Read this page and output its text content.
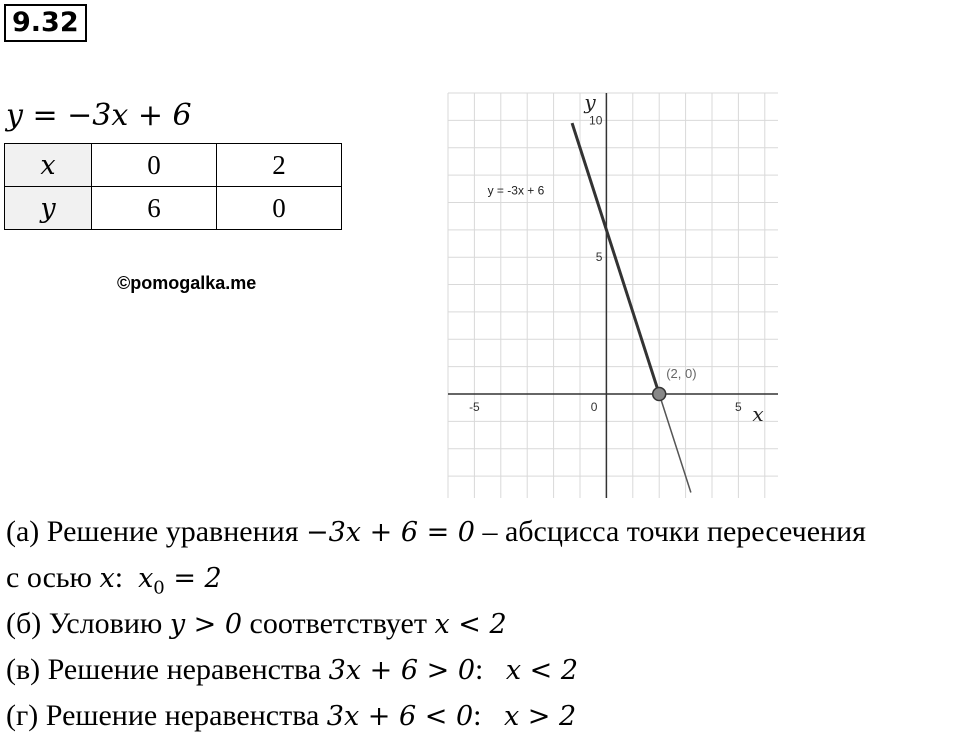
9.32
y = −3x + 6
x	0	2
y	6	0
©pomogalka.me
-5	0	5
10
5
y
x
y = -3x + 6
(2, 0)
(а) Решение уравнения −3x + 6 = 0 – абсцисса точки пересечения
с осью x:  $x_0 = 2$
(б) Условию y > 0 соответствует x < 2
(в) Решение неравенства 3x + 6 > 0:   x < 2
(г) Решение неравенства 3x + 6 < 0:   x > 2
